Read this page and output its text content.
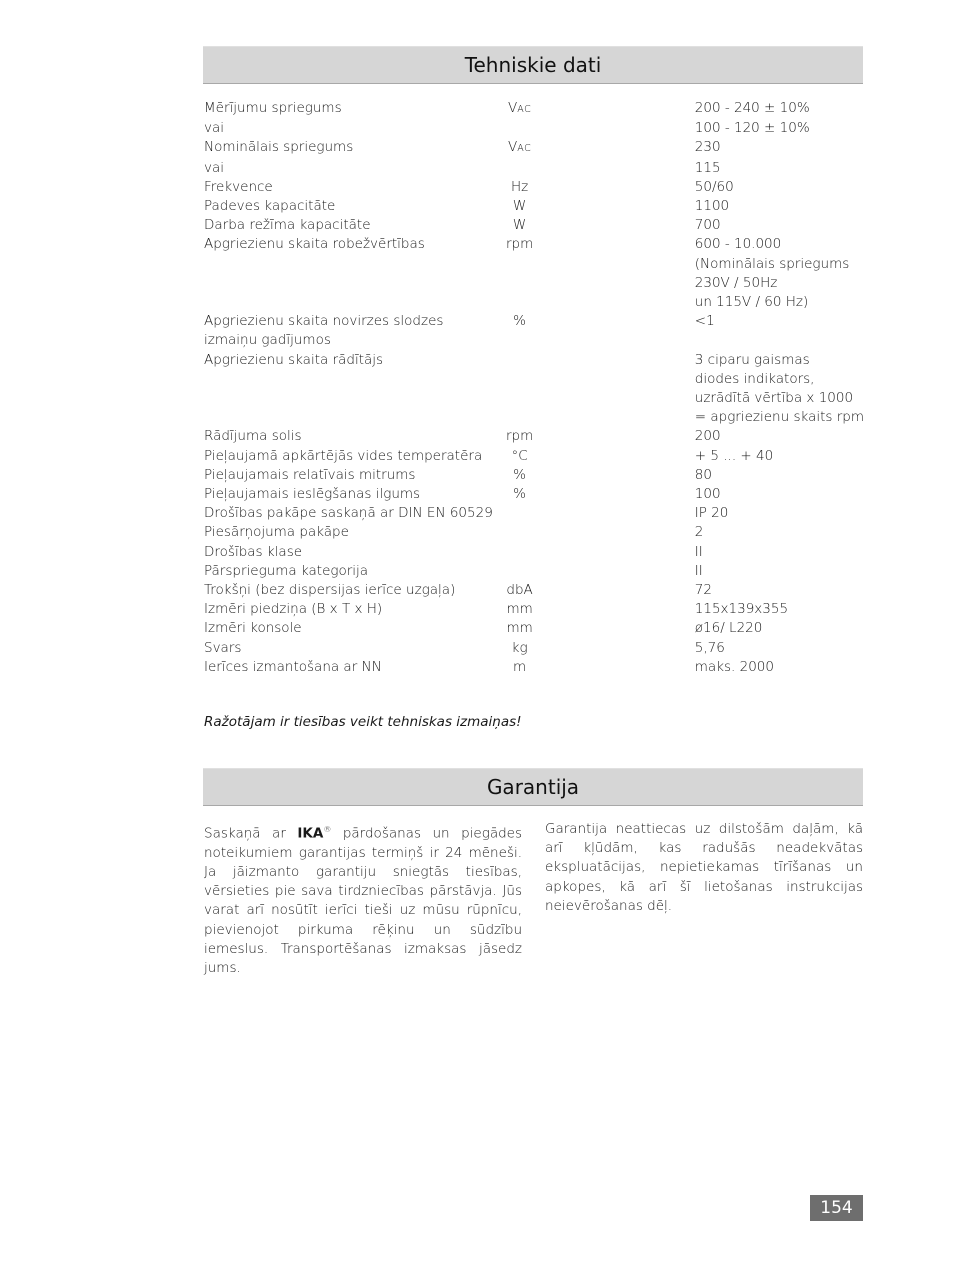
Tehniskie dati
Mērījumu spriegums	VAC		200 - 240 ± 10%
vai			100 - 120 ± 10%
Nominālais spriegums	VAC		230
vai			115
Frekvence	Hz		50/60
Padeves kapacitāte	W		1100
Darba režīma kapacitāte	W		700
Apgriezienu skaita robežvērtības	rpm		600 - 10.000
			(Nominālais spriegums
			230V / 50Hz
			un 115V / 60 Hz)
Apgriezienu skaita novirzes slodzes	%		<1
izmaiņu gadījumos			
Apgriezienu skaita rādītājs			3 ciparu gaismas
			diodes indikators,
			uzrādītā vērtība x 1000
			= apgriezienu skaits rpm
Rādījuma solis	rpm		200
Pieļaujamā apkārtējās vides temperatēra	°C		+ 5 ... + 40
Pieļaujamais relatīvais mitrums	%		80
Pieļaujamais ieslēgšanas ilgums	%		100
Drošības pakāpe saskaņā ar DIN EN 60529			IP 20
Piesārņojuma pakāpe			2
Drošības klase			II
Pārsprieguma kategorija			II
Trokšņi (bez dispersijas ierīce uzgaļa)	dbA		72
Izmēri piedziņa (B x T x H)	mm		115x139x355
Izmēri konsole	mm		ø16/ L220
Svars	kg		5,76
Ierīces izmantošana ar NN	m		maks. 2000
Ražotājam ir tiesības veikt tehniskas izmaiņas!
Garantija
Saskaņā ar IKA® pārdošanas un piegādes noteikumiem garantijas termiņš ir 24 mēneši. Ja jāizmanto garantiju sniegtās tiesības, vērsieties pie sava tirdzniecības pārstāvja. Jūs varat arī nosūtīt ierīci tieši uz mūsu rūpnīcu, pievienojot pirkuma rēķinu un sūdzību iemeslus. Transportēšanas izmaksas jāsedz jums.
Garantija neattiecas uz dilstošām daļām, kā arī kļūdām, kas radušās neadekvātas ekspluatācijas, nepietiekamas tīrīšanas un apkopes, kā arī šī lietošanas instrukcijas neievērošanas dēļ.
154
